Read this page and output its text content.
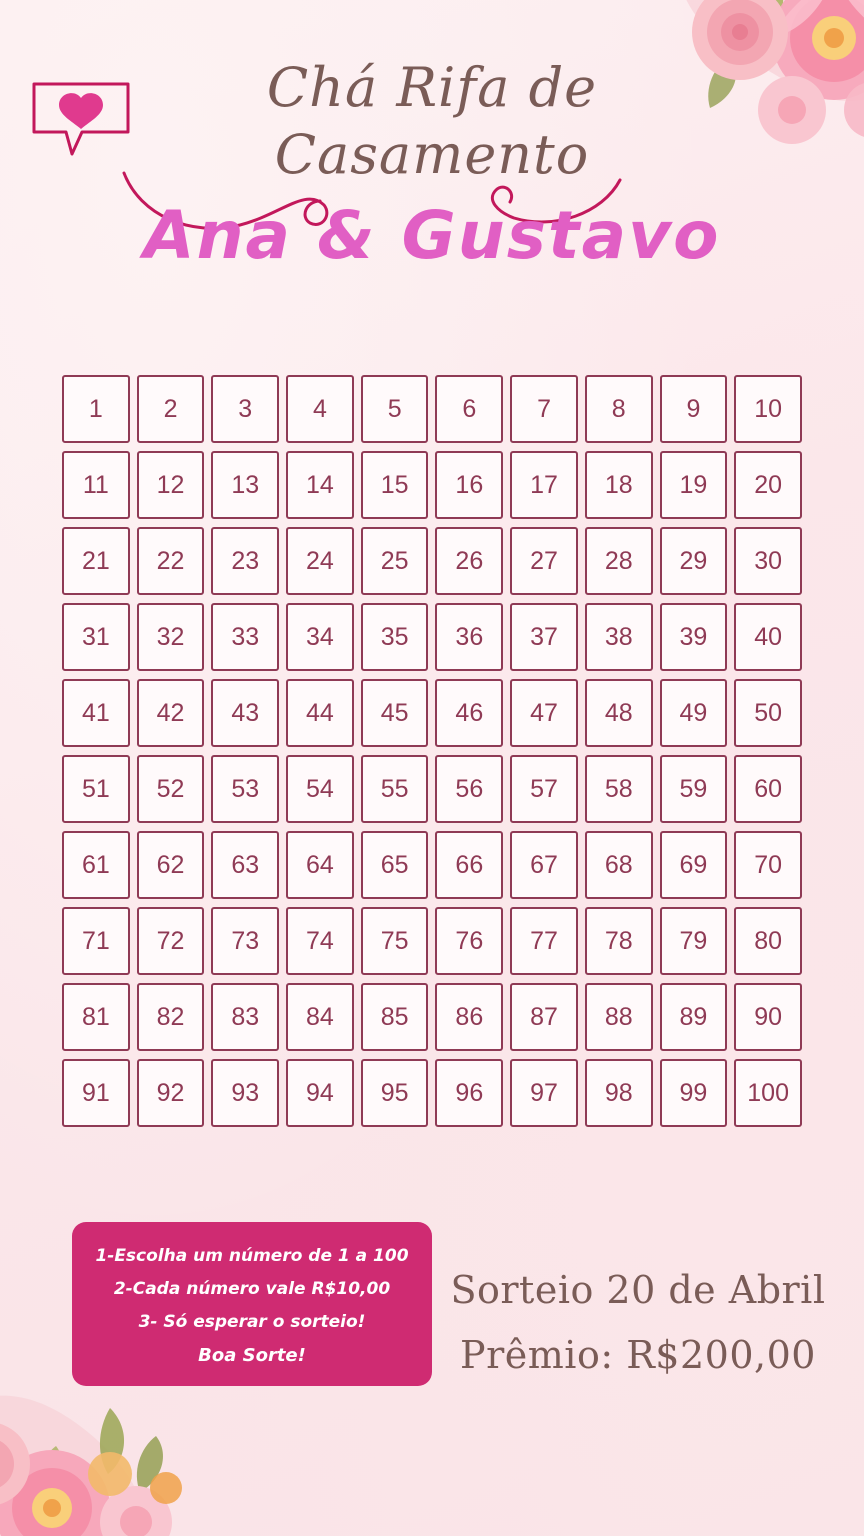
Chá Rifa de
Casamento
Ana & Gustavo
1	2	3	4	5	6	7	8	9	10
11	12	13	14	15	16	17	18	19	20
21	22	23	24	25	26	27	28	29	30
31	32	33	34	35	36	37	38	39	40
41	42	43	44	45	46	47	48	49	50
51	52	53	54	55	56	57	58	59	60
61	62	63	64	65	66	67	68	69	70
71	72	73	74	75	76	77	78	79	80
81	82	83	84	85	86	87	88	89	90
91	92	93	94	95	96	97	98	99	100
1-Escolha um número de 1 a 100
2-Cada número vale R$10,00
3- Só esperar o sorteio!
Boa Sorte!
Sorteio 20 de Abril
Prêmio: R$200,00
